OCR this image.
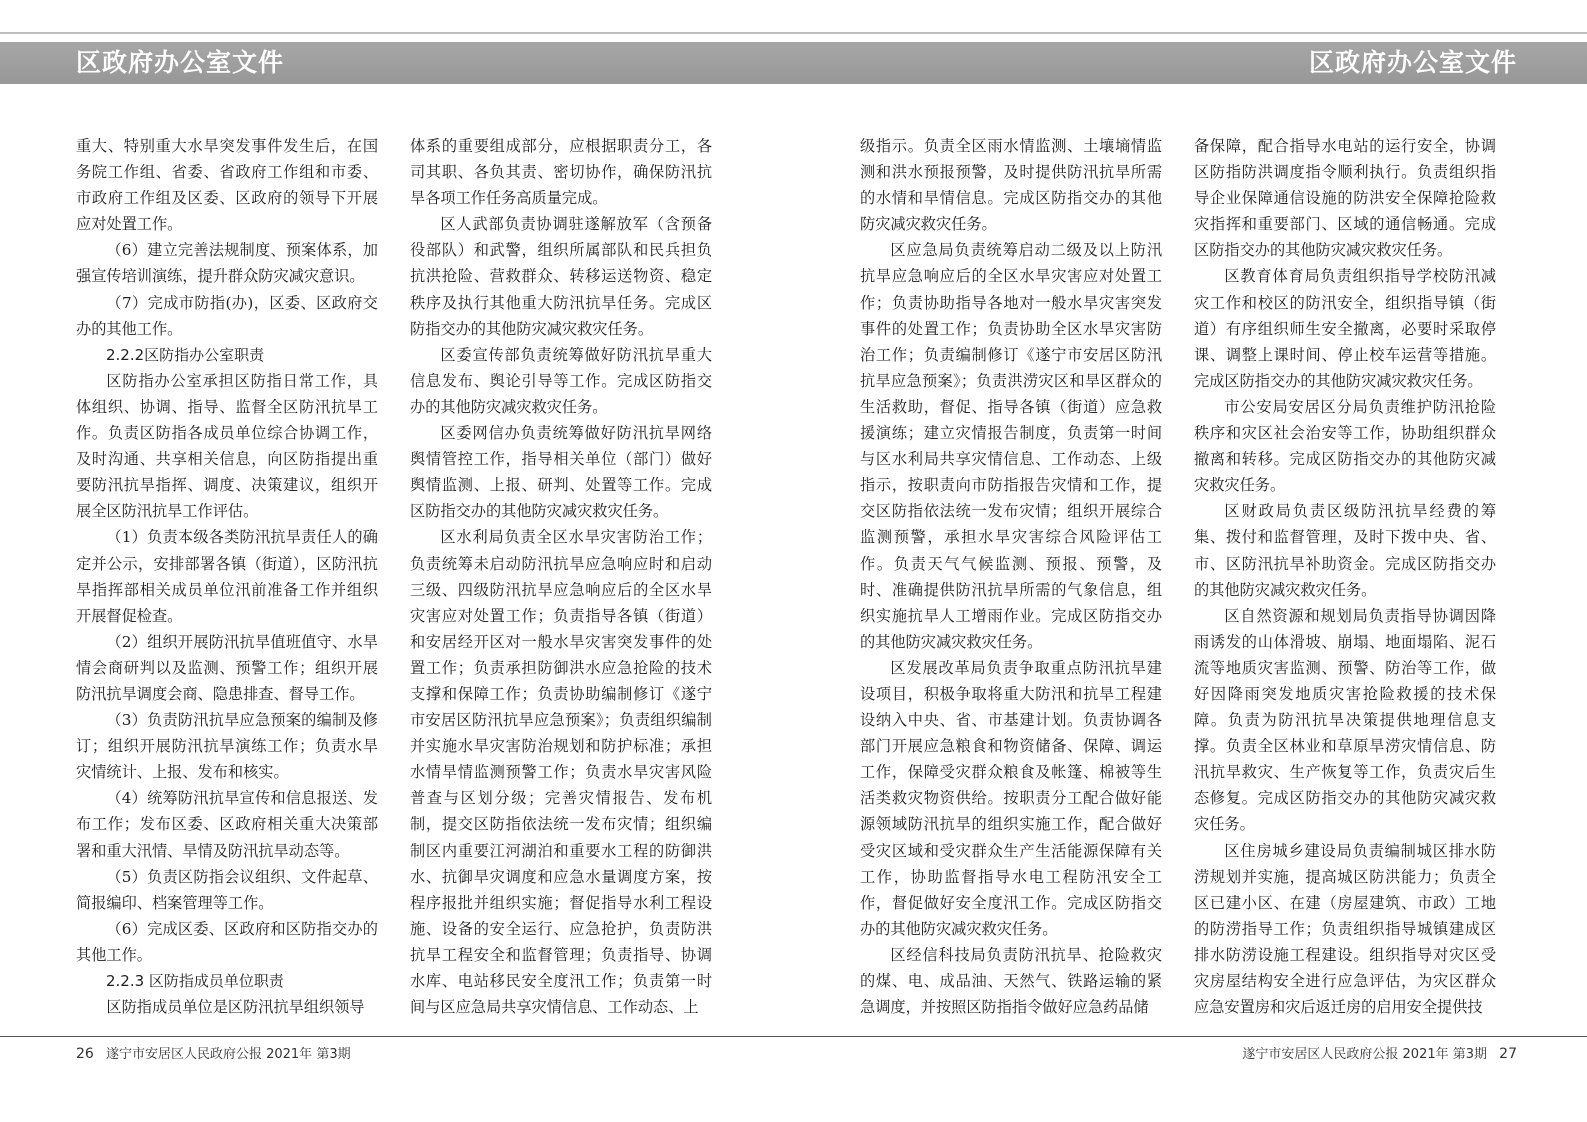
区政府办公室文件	区政府办公室文件

重大、特别重大水旱突发事件发生后，在国务院工作组、省委、省政府工作组和市委、市政府工作组及区委、区政府的领导下开展应对处置工作。

（6）建立完善法规制度、预案体系，加强宣传培训演练，提升群众防灾减灾意识。

（7）完成市防指(办)，区委、区政府交办的其他工作。

2.2.2区防指办公室职责

区防指办公室承担区防指日常工作，具体组织、协调、指导、监督全区防汛抗旱工作。负责区防指各成员单位综合协调工作，及时沟通、共享相关信息，向区防指提出重要防汛抗旱指挥、调度、决策建议，组织开展全区防汛抗旱工作评估。

（1）负责本级各类防汛抗旱责任人的确定并公示，安排部署各镇（街道），区防汛抗旱指挥部相关成员单位汛前准备工作并组织开展督促检查。

（2）组织开展防汛抗旱值班值守、水旱情会商研判以及监测、预警工作；组织开展防汛抗旱调度会商、隐患排查、督导工作。

（3）负责防汛抗旱应急预案的编制及修订；组织开展防汛抗旱演练工作；负责水旱灾情统计、上报、发布和核实。

（4）统筹防汛抗旱宣传和信息报送、发布工作；发布区委、区政府相关重大决策部署和重大汛情、旱情及防汛抗旱动态等。

（5）负责区防指会议组织、文件起草、简报编印、档案管理等工作。

（6）完成区委、区政府和区防指交办的其他工作。

2.2.3 区防指成员单位职责

区防指成员单位是区防汛抗旱组织领导

体系的重要组成部分，应根据职责分工，各司其职、各负其责、密切协作，确保防汛抗旱各项工作任务高质量完成。

区人武部负责协调驻遂解放军（含预备役部队）和武警，组织所属部队和民兵担负抗洪抢险、营救群众、转移运送物资、稳定秩序及执行其他重大防汛抗旱任务。完成区防指交办的其他防灾减灾救灾任务。

区委宣传部负责统筹做好防汛抗旱重大信息发布、舆论引导等工作。完成区防指交办的其他防灾减灾救灾任务。

区委网信办负责统筹做好防汛抗旱网络舆情管控工作，指导相关单位（部门）做好舆情监测、上报、研判、处置等工作。完成区防指交办的其他防灾减灾救灾任务。

区水利局负责全区水旱灾害防治工作；负责统筹未启动防汛抗旱应急响应时和启动三级、四级防汛抗旱应急响应后的全区水旱灾害应对处置工作；负责指导各镇（街道）和安居经开区对一般水旱灾害突发事件的处置工作；负责承担防御洪水应急抢险的技术支撑和保障工作；负责协助编制修订《遂宁市安居区防汛抗旱应急预案》；负责组织编制并实施水旱灾害防治规划和防护标准；承担水情旱情监测预警工作；负责水旱灾害风险普查与区划分级；完善灾情报告、发布机制，提交区防指依法统一发布灾情；组织编制区内重要江河湖泊和重要水工程的防御洪水、抗御旱灾调度和应急水量调度方案，按程序报批并组织实施；督促指导水利工程设施、设备的安全运行、应急抢护，负责防洪抗旱工程安全和监督管理；负责指导、协调水库、电站移民安全度汛工作；负责第一时间与区应急局共享灾情信息、工作动态、上

级指示。负责全区雨水情监测、土壤墒情监测和洪水预报预警，及时提供防汛抗旱所需的水情和旱情信息。完成区防指交办的其他防灾减灾救灾任务。

区应急局负责统筹启动二级及以上防汛抗旱应急响应后的全区水旱灾害应对处置工作；负责协助指导各地对一般水旱灾害突发事件的处置工作；负责协助全区水旱灾害防治工作；负责编制修订《遂宁市安居区防汛抗旱应急预案》；负责洪涝灾区和旱区群众的生活救助，督促、指导各镇（街道）应急救援演练；建立灾情报告制度，负责第一时间与区水利局共享灾情信息、工作动态、上级指示，按职责向市防指报告灾情和工作，提交区防指依法统一发布灾情；组织开展综合监测预警，承担水旱灾害综合风险评估工作。负责天气气候监测、预报、预警，及时、准确提供防汛抗旱所需的气象信息，组织实施抗旱人工增雨作业。完成区防指交办的其他防灾减灾救灾任务。

区发展改革局负责争取重点防汛抗旱建设项目，积极争取将重大防汛和抗旱工程建设纳入中央、省、市基建计划。负责协调各部门开展应急粮食和物资储备、保障、调运工作，保障受灾群众粮食及帐篷、棉被等生活类救灾物资供给。按职责分工配合做好能源领域防汛抗旱的组织实施工作，配合做好受灾区域和受灾群众生产生活能源保障有关工作，协助监督指导水电工程防汛安全工作，督促做好安全度汛工作。完成区防指交办的其他防灾减灾救灾任务。

区经信科技局负责防汛抗旱、抢险救灾的煤、电、成品油、天然气、铁路运输的紧急调度，并按照区防指指令做好应急药品储

备保障，配合指导水电站的运行安全，协调区防指防洪调度指令顺利执行。负责组织指导企业保障通信设施的防洪安全保障抢险救灾指挥和重要部门、区域的通信畅通。完成区防指交办的其他防灾减灾救灾任务。

区教育体育局负责组织指导学校防汛减灾工作和校区的防汛安全，组织指导镇（街道）有序组织师生安全撤离，必要时采取停课、调整上课时间、停止校车运营等措施。完成区防指交办的其他防灾减灾救灾任务。

市公安局安居区分局负责维护防汛抢险秩序和灾区社会治安等工作，协助组织群众撤离和转移。完成区防指交办的其他防灾减灾救灾任务。

区财政局负责区级防汛抗旱经费的筹集、拨付和监督管理，及时下拨中央、省、市、区防汛抗旱补助资金。完成区防指交办的其他防灾减灾救灾任务。

区自然资源和规划局负责指导协调因降雨诱发的山体滑坡、崩塌、地面塌陷、泥石流等地质灾害监测、预警、防治等工作，做好因降雨突发地质灾害抢险救援的技术保障。负责为防汛抗旱决策提供地理信息支撑。负责全区林业和草原旱涝灾情信息、防汛抗旱救灾、生产恢复等工作，负责灾后生态修复。完成区防指交办的其他防灾减灾救灾任务。

区住房城乡建设局负责编制城区排水防涝规划并实施，提高城区防洪能力；负责全区已建小区、在建（房屋建筑、市政）工地的防涝指导工作；负责组织指导城镇建成区排水防涝设施工程建设。组织指导对灾区受灾房屋结构安全进行应急评估，为灾区群众应急安置房和灾后返迁房的启用安全提供技

26 遂宁市安居区人民政府公报 2021年 第3期	遂宁市安居区人民政府公报 2021年 第3期 27
